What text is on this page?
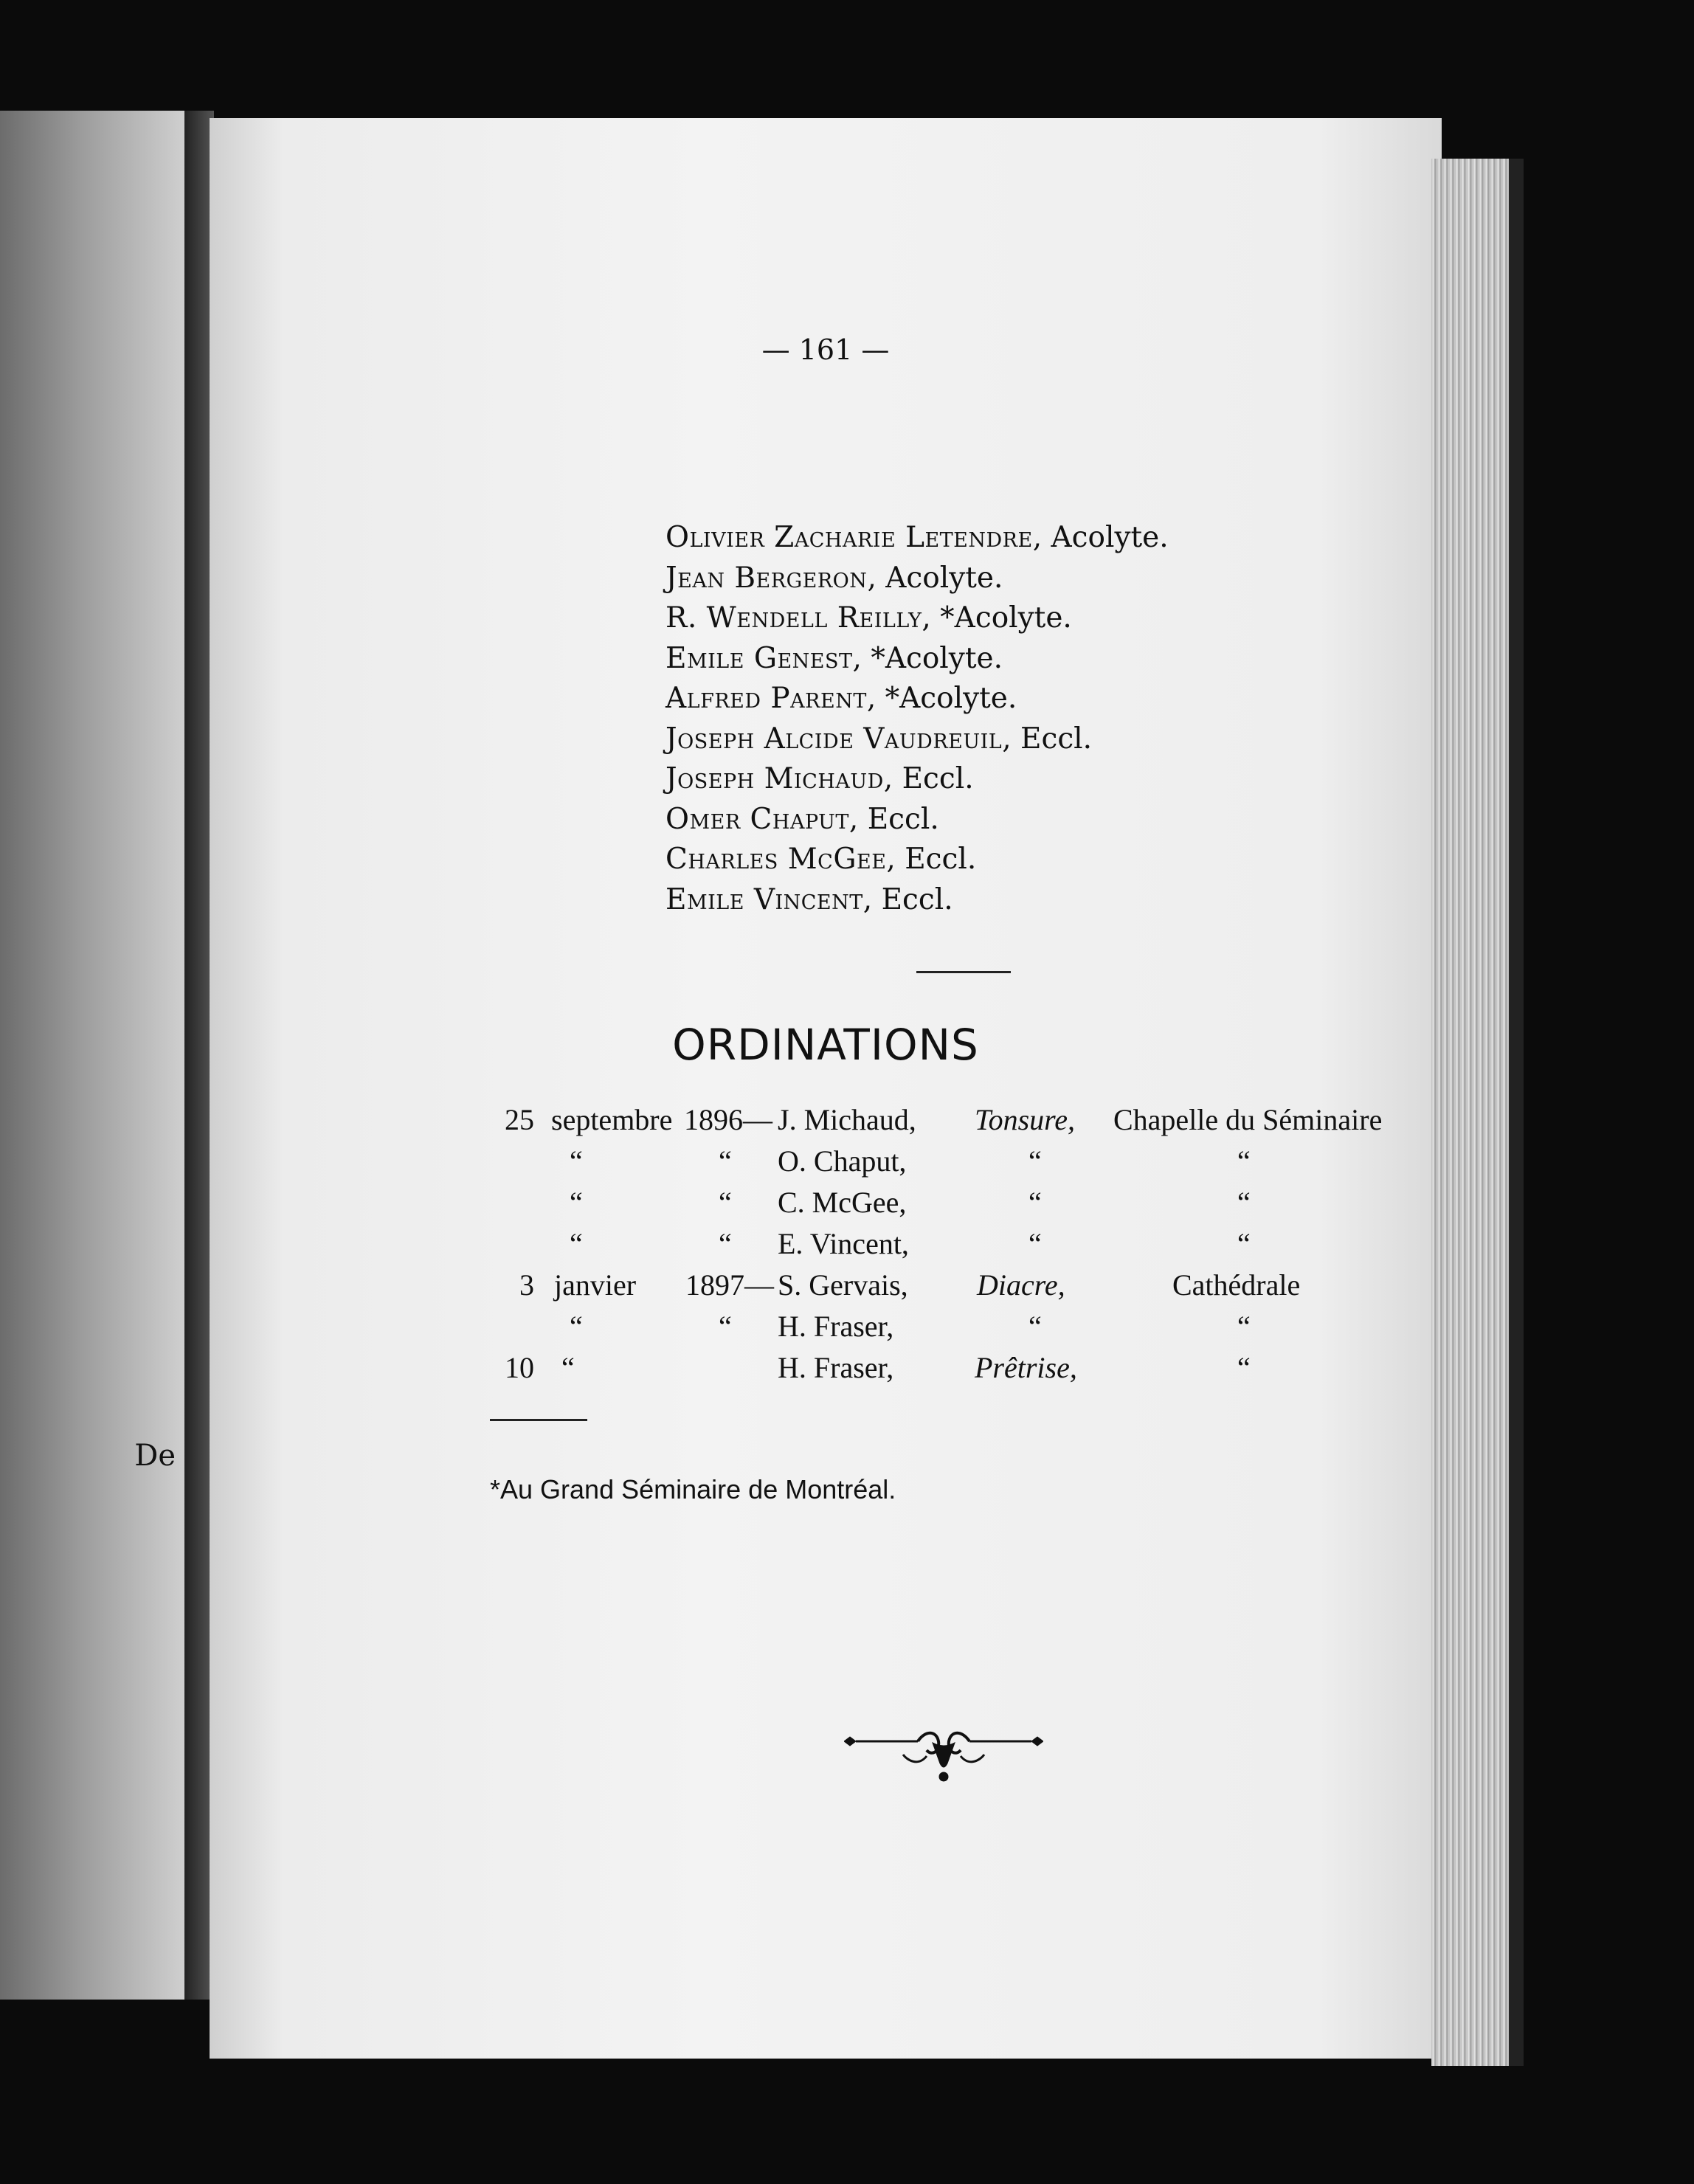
De
— 161 —
Olivier Zacharie Letendre, Acolyte.
Jean Bergeron, Acolyte.
R. Wendell Reilly, *Acolyte.
Emile Genest, *Acolyte.
Alfred Parent, *Acolyte.
Joseph Alcide Vaudreuil, Eccl.
Joseph Michaud, Eccl.
Omer Chaput, Eccl.
Charles McGee, Eccl.
Emile Vincent, Eccl.
ORDINATIONS
25 septembre 1896— J. Michaud, Tonsure, Chapelle du Séminaire
“	“ O. Chaput,	“	“
“	“ C. McGee,	“	“
“	“ E. Vincent,	“	“
3 janvier 1897— S. Gervais, Diacre,	Cathédrale
“	“ H. Fraser,	“	“
10 “	H. Fraser,	Prêtrise,	“
*Au Grand Séminaire de Montréal.
